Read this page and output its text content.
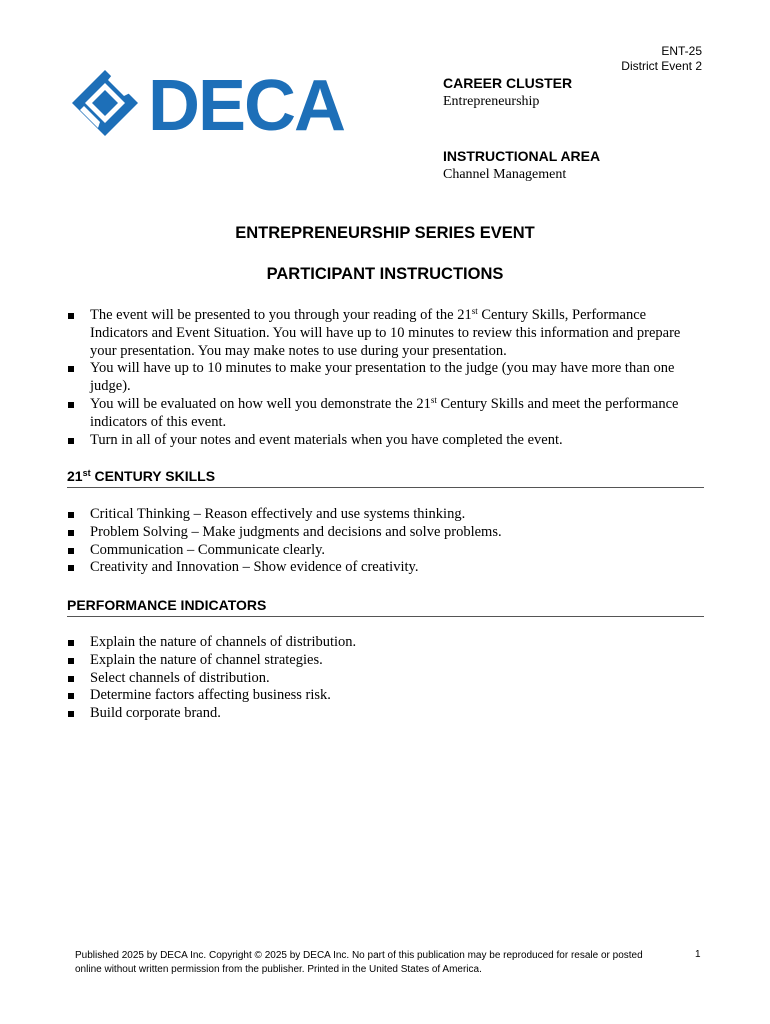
ENT-25
District Event 2
DECA	CAREER CLUSTER
Entrepreneurship
INSTRUCTIONAL AREA
Channel Management
ENTREPRENEURSHIP SERIES EVENT
PARTICIPANT INSTRUCTIONS
The event will be presented to you through your reading of the 21st Century Skills, Performance Indicators and Event Situation. You will have up to 10 minutes to review this information and prepare your presentation. You may make notes to use during your presentation.
You will have up to 10 minutes to make your presentation to the judge (you may have more than one judge).
You will be evaluated on how well you demonstrate the 21st Century Skills and meet the performance indicators of this event.
Turn in all of your notes and event materials when you have completed the event.
21st CENTURY SKILLS
Critical Thinking – Reason effectively and use systems thinking.
Problem Solving – Make judgments and decisions and solve problems.
Communication – Communicate clearly.
Creativity and Innovation – Show evidence of creativity.
PERFORMANCE INDICATORS
Explain the nature of channels of distribution.
Explain the nature of channel strategies.
Select channels of distribution.
Determine factors affecting business risk.
Build corporate brand.
Published 2025 by DECA Inc. Copyright © 2025 by DECA Inc. No part of this publication may be reproduced for resale or posted online without written permission from the publisher. Printed in the United States of America.
1
